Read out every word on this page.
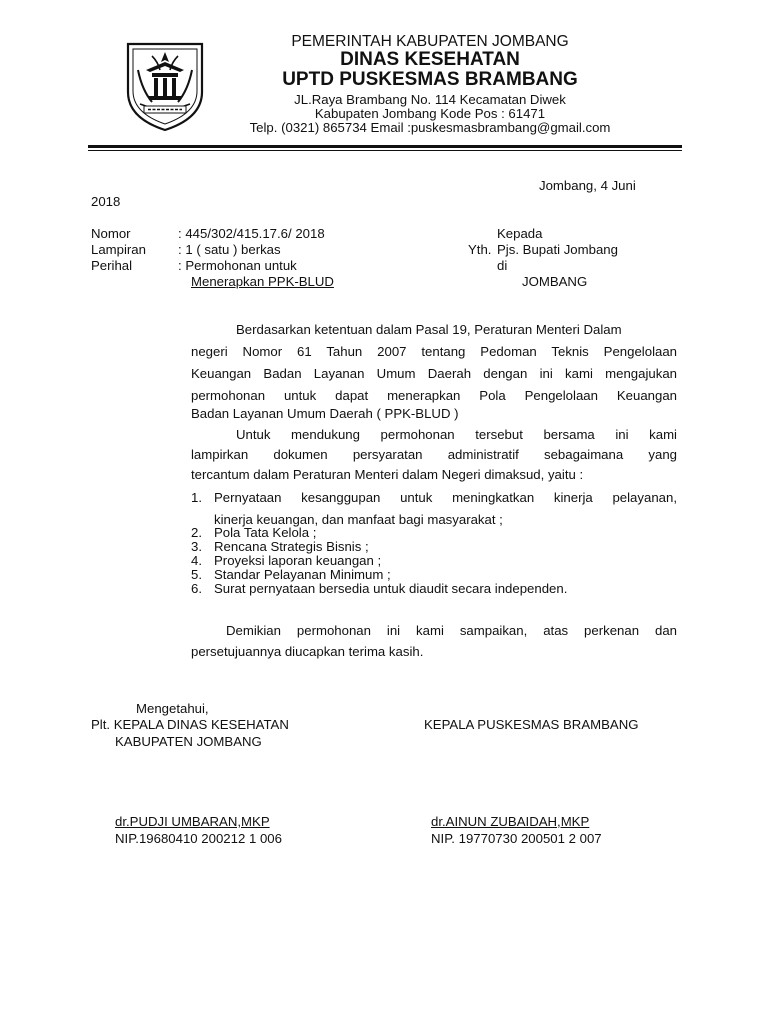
PEMERINTAH KABUPATEN JOMBANG
DINAS KESEHATAN
UPTD PUSKESMAS BRAMBANG
JL.Raya Brambang No. 114 Kecamatan Diwek
Kabupaten Jombang Kode Pos : 61471
Telp. (0321) 865734 Email :puskesmasbrambang@gmail.com
Jombang, 4 Juni
2018
Nomor	: 445/302/415.17.6/ 2018
Lampiran : 1 ( satu ) berkas
Perihal	: Permohonan untuk
Menerapkan PPK-BLUD
Kepada
Yth. Pjs. Bupati Jombang
di
JOMBANG
Berdasarkan ketentuan dalam Pasal 19, Peraturan Menteri Dalam
negeri Nomor 61 Tahun 2007 tentang Pedoman Teknis Pengelolaan
Keuangan Badan Layanan Umum Daerah dengan ini kami mengajukan
permohonan untuk dapat menerapkan Pola Pengelolaan Keuangan
Badan Layanan Umum Daerah ( PPK-BLUD )
Untuk mendukung permohonan tersebut bersama ini kami
lampirkan dokumen persyaratan administratif sebagaimana yang
tercantum dalam Peraturan Menteri dalam Negeri dimaksud, yaitu :
1. Pernyataan kesanggupan untuk meningkatkan kinerja pelayanan,
kinerja keuangan, dan manfaat bagi masyarakat ;
2. Pola Tata Kelola ;
3. Rencana Strategis Bisnis ;
4. Proyeksi laporan keuangan ;
5. Standar Pelayanan Minimum ;
6. Surat pernyataan bersedia untuk diaudit secara independen.
Demikian permohonan ini kami sampaikan, atas perkenan dan
persetujuannya diucapkan terima kasih.
Mengetahui,
Plt. KEPALA DINAS KESEHATAN
KABUPATEN JOMBANG
KEPALA PUSKESMAS BRAMBANG
dr.PUDJI UMBARAN,MKP
NIP.19680410 200212 1 006
dr.AINUN ZUBAIDAH,MKP
NIP. 19770730 200501 2 007
